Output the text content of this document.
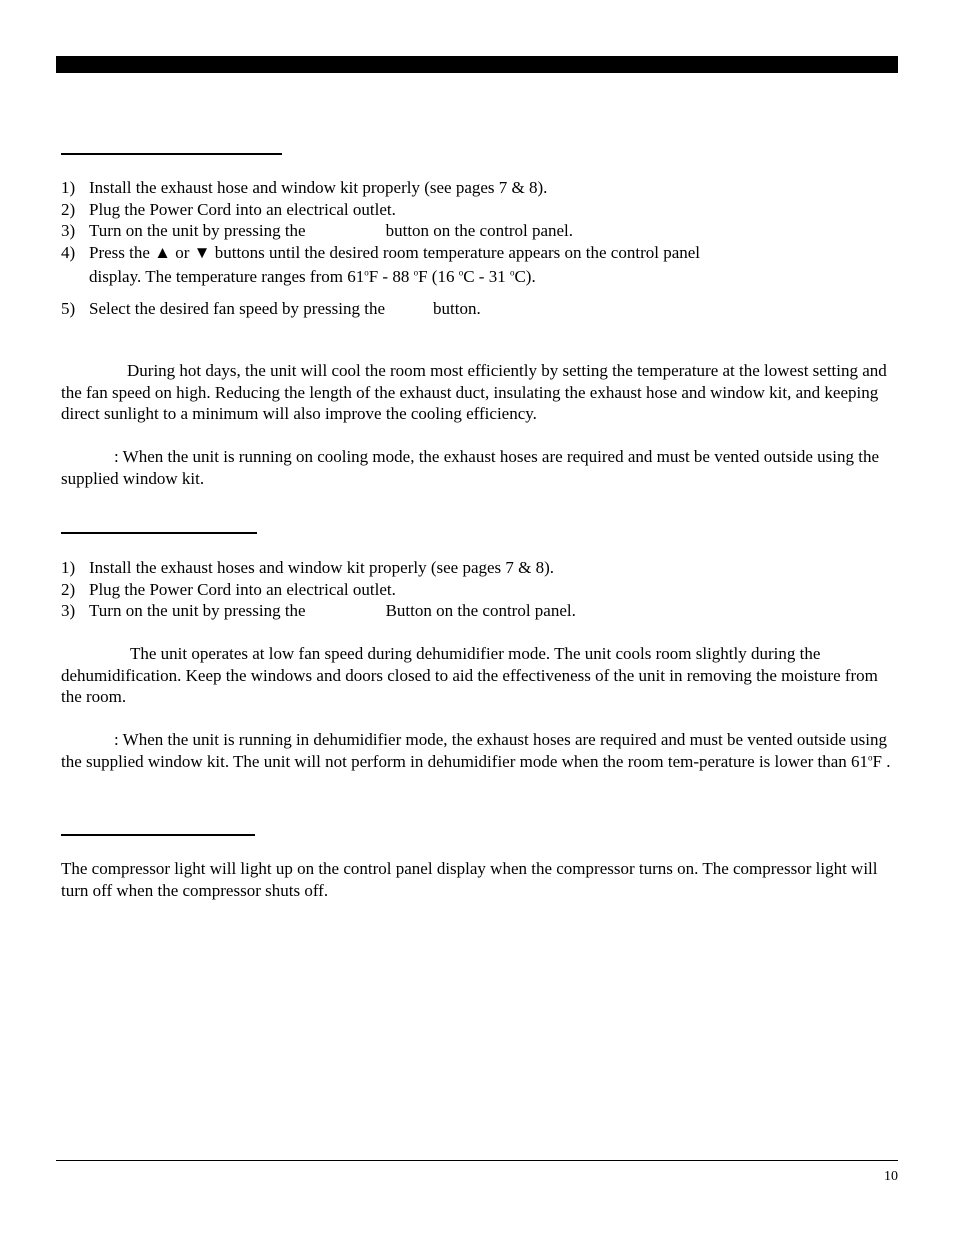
1) Install the exhaust hose and window kit properly (see pages 7 & 8).
2) Plug the Power Cord into an electrical outlet.
3) Turn on the unit by pressing the	button on the control panel.
4) Press the ▲ or ▼ buttons until the desired room temperature appears on the control panel
display. The temperature ranges from 61$^o$F - 88 $^o$F (16 $^o$C - 31 $^o$C).
5) Select the desired fan speed by pressing the	button.

During hot days, the unit will cool the room most efficiently by setting the temperature at the lowest setting and the fan speed on high. Reducing the length of the exhaust duct, insulating the exhaust hose and window kit, and keeping direct sunlight to a minimum will also improve the cooling efficiency.

: When the unit is running on cooling mode, the exhaust hoses are required and must be vented outside using the supplied window kit.

1) Install the exhaust hoses and window kit properly (see pages 7 & 8).
2) Plug the Power Cord into an electrical outlet.
3) Turn on the unit by pressing the	Button on the control panel.

The unit operates at low fan speed during dehumidifier mode. The unit cools room slightly during the dehumidification. Keep the windows and doors closed to aid the effectiveness of the unit in removing the moisture from the room.

: When the unit is running in dehumidifier mode, the exhaust hoses are required and must be vented outside using the supplied window kit. The unit will not perform in dehumidifier mode when the room tem-perature is lower than 61$^o$F .

The compressor light will light up on the control panel display when the compressor turns on. The compressor light will turn off when the compressor shuts off.

10
